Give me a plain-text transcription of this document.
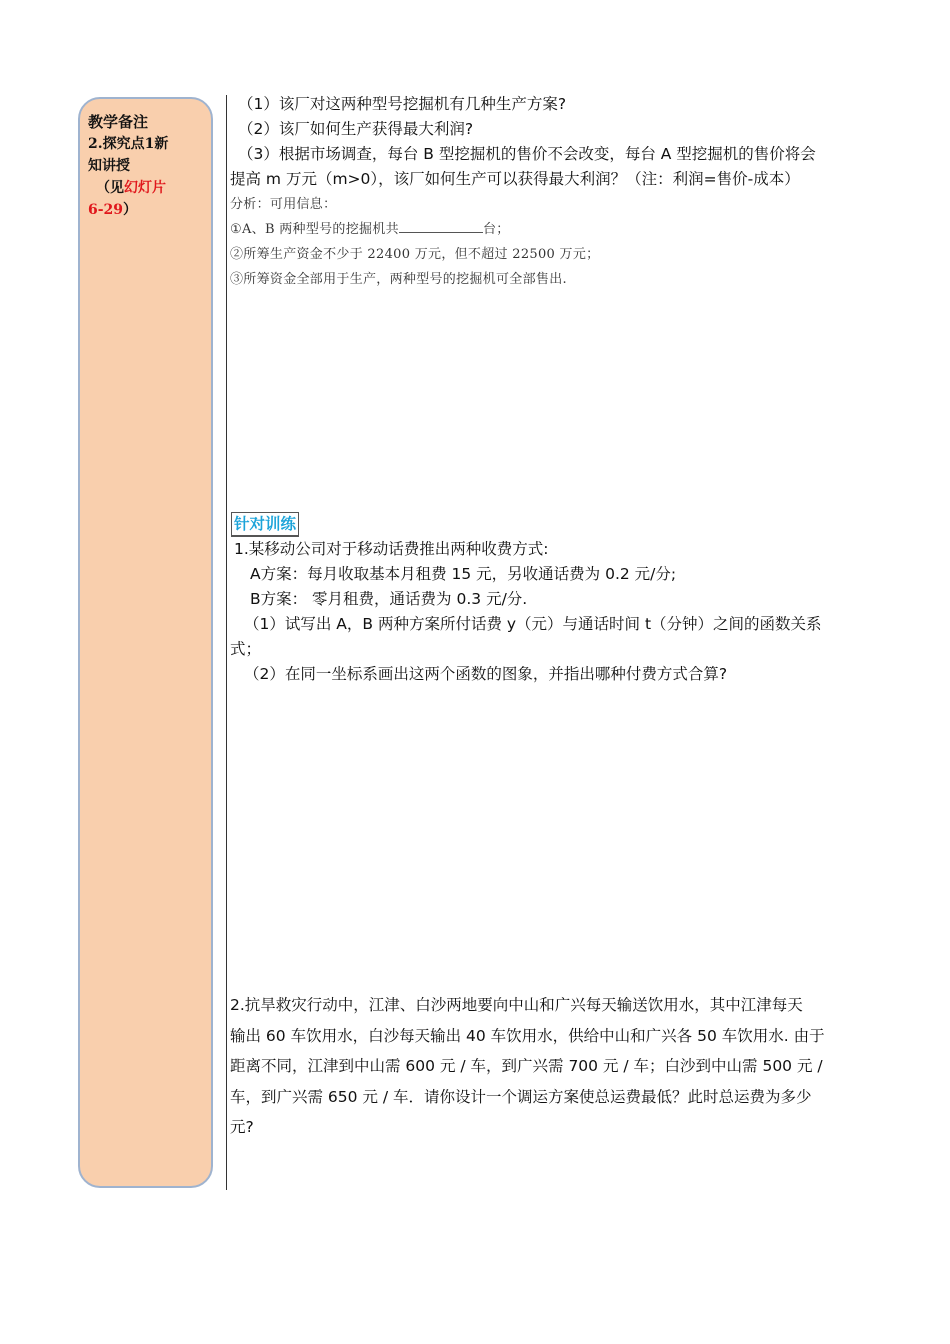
教学备注
2.探究点1新
知讲授
（见幻灯片
6-29）

（1）该厂对这两种型号挖掘机有几种生产方案?

（2）该厂如何生产获得最大利润?

（3）根据市场调查，每台 B 型挖掘机的售价不会改变，每台 A 型挖掘机的售价将会

提高 m 万元（m>0），该厂如何生产可以获得最大利润？（注：利润=售价-成本）

分析：可用信息：

①A、B 两种型号的挖掘机共	台；

②所筹生产资金不少于 22400 万元，但不超过 22500 万元；

③所筹资金全部用于生产，两种型号的挖掘机可全部售出.

针对训练

1.某移动公司对于移动话费推出两种收费方式:

A方案：每月收取基本月租费 15 元，另收通话费为 0.2 元/分;

B方案： 零月租费，通话费为 0.3 元/分.

（1）试写出 A，B 两种方案所付话费 y（元）与通话时间 t（分钟）之间的函数关系

式；

（2）在同一坐标系画出这两个函数的图象，并指出哪种付费方式合算?

2.抗旱救灾行动中，江津、白沙两地要向中山和广兴每天输送饮用水，其中江津每天

输出 60 车饮用水，白沙每天输出 40 车饮用水，供给中山和广兴各 50 车饮用水. 由于

距离不同，江津到中山需 600 元 / 车，到广兴需 700 元 / 车；白沙到中山需 500 元 /

车，到广兴需 650 元 / 车．请你设计一个调运方案使总运费最低？此时总运费为多少

元?
